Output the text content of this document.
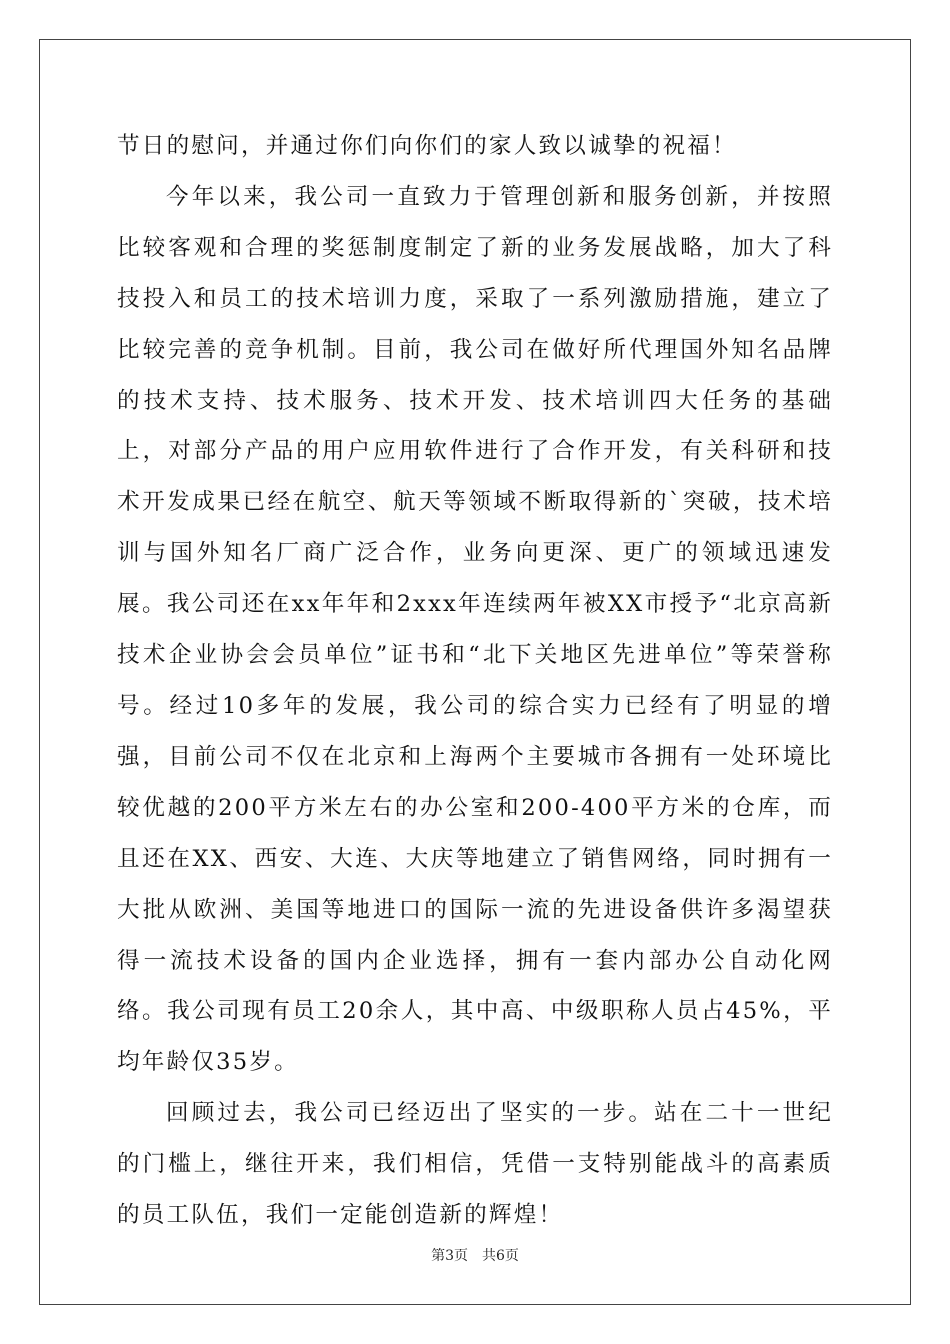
节日的慰问，并通过你们向你们的家人致以诚挚的祝福！

今年以来，我公司一直致力于管理创新和服务创新，并按照比较客观和合理的奖惩制度制定了新的业务发展战略，加大了科技投入和员工的技术培训力度，采取了一系列激励措施，建立了比较完善的竞争机制。目前，我公司在做好所代理国外知名品牌的技术支持、技术服务、技术开发、技术培训四大任务的基础上，对部分产品的用户应用软件进行了合作开发，有关科研和技术开发成果已经在航空、航天等领域不断取得新的`突破，技术培训与国外知名厂商广泛合作，业务向更深、更广的领域迅速发展。我公司还在xx年年和2xxx年连续两年被XX市授予“北京高新技术企业协会会员单位”证书和“北下关地区先进单位”等荣誉称号。经过10多年的发展，我公司的综合实力已经有了明显的增强，目前公司不仅在北京和上海两个主要城市各拥有一处环境比较优越的200平方米左右的办公室和200-400平方米的仓库，而且还在XX、西安、大连、大庆等地建立了销售网络，同时拥有一大批从欧洲、美国等地进口的国际一流的先进设备供许多渴望获得一流技术设备的国内企业选择，拥有一套内部办公自动化网络。我公司现有员工20余人，其中高、中级职称人员占45%，平均年龄仅35岁。

回顾过去，我公司已经迈出了坚实的一步。站在二十一世纪的门槛上，继往开来，我们相信，凭借一支特别能战斗的高素质的员工队伍，我们一定能创造新的辉煌！

第3页　共6页
